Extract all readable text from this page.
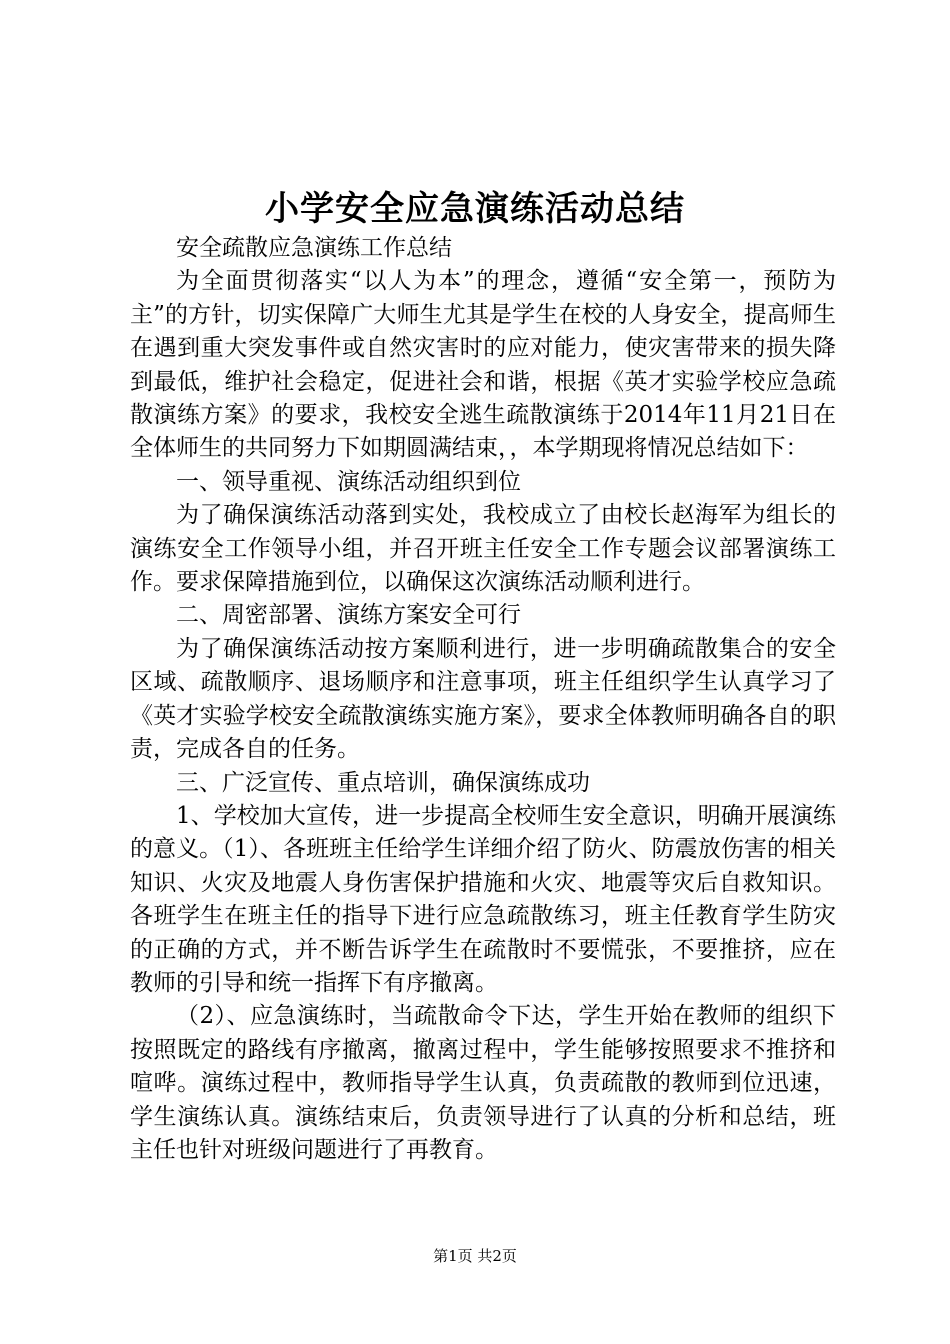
小学安全应急演练活动总结

安全疏散应急演练工作总结

为全面贯彻落实“以人为本”的理念，遵循“安全第一，预防为主”的方针，切实保障广大师生尤其是学生在校的人身安全，提高师生在遇到重大突发事件或自然灾害时的应对能力，使灾害带来的损失降到最低，维护社会稳定，促进社会和谐，根据《英才实验学校应急疏散演练方案》的要求，我校安全逃生疏散演练于2014年11月21日在全体师生的共同努力下如期圆满结束，，本学期现将情况总结如下：

一、领导重视、演练活动组织到位

为了确保演练活动落到实处，我校成立了由校长赵海军为组长的演练安全工作领导小组，并召开班主任安全工作专题会议部署演练工作。要求保障措施到位，以确保这次演练活动顺利进行。

二、周密部署、演练方案安全可行

为了确保演练活动按方案顺利进行，进一步明确疏散集合的安全区域、疏散顺序、退场顺序和注意事项，班主任组织学生认真学习了《英才实验学校安全疏散演练实施方案》，要求全体教师明确各自的职责，完成各自的任务。

三、广泛宣传、重点培训，确保演练成功

1、学校加大宣传，进一步提高全校师生安全意识，明确开展演练的意义。（1）、各班班主任给学生详细介绍了防火、防震放伤害的相关知识、火灾及地震人身伤害保护措施和火灾、地震等灾后自救知识。各班学生在班主任的指导下进行应急疏散练习，班主任教育学生防灾的正确的方式，并不断告诉学生在疏散时不要慌张，不要推挤，应在教师的引导和统一指挥下有序撤离。

（2）、应急演练时，当疏散命令下达，学生开始在教师的组织下按照既定的路线有序撤离，撤离过程中，学生能够按照要求不推挤和喧哗。演练过程中，教师指导学生认真，负责疏散的教师到位迅速，学生演练认真。演练结束后，负责领导进行了认真的分析和总结，班主任也针对班级问题进行了再教育。

第1页 共2页
